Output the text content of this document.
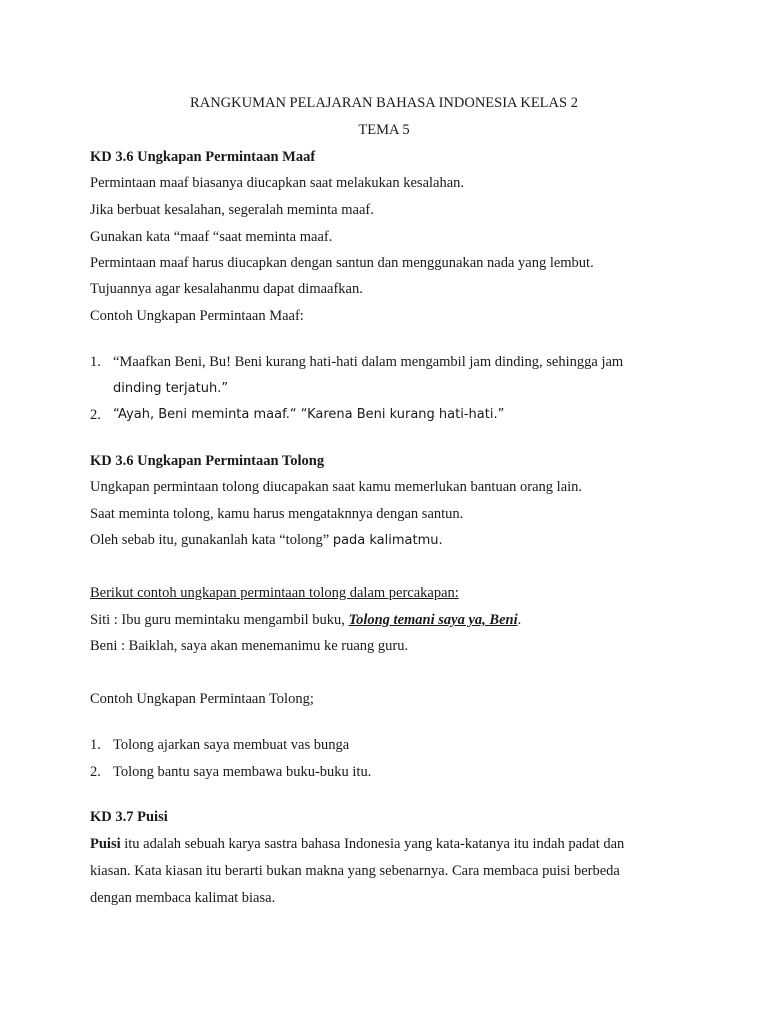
RANGKUMAN PELAJARAN BAHASA INDONESIA KELAS 2
TEMA 5
KD 3.6 Ungkapan Permintaan Maaf
Permintaan maaf biasanya diucapkan saat melakukan kesalahan.
Jika berbuat kesalahan, segeralah meminta maaf.
Gunakan kata “maaf “saat meminta maaf.
Permintaan maaf harus diucapkan dengan santun dan menggunakan nada yang lembut.
Tujuannya agar kesalahanmu dapat dimaafkan.
Contoh Ungkapan Permintaan Maaf:
1. “Maafkan Beni, Bu! Beni kurang hati-hati dalam mengambil jam dinding, sehingga jam
dinding terjatuh.”
2. “Ayah, Beni meminta maaf.“ “Karena Beni kurang hati-hati.”
KD 3.6 Ungkapan Permintaan Tolong
Ungkapan permintaan tolong diucapakan saat kamu memerlukan bantuan orang lain.
Saat meminta tolong, kamu harus mengataknnya dengan santun.
Oleh sebab itu, gunakanlah kata “tolong” pada kalimatmu.
Berikut contoh ungkapan permintaan tolong dalam percakapan:
Siti : Ibu guru memintaku mengambil buku, Tolong temani saya ya, Beni.
Beni : Baiklah, saya akan menemanimu ke ruang guru.
Contoh Ungkapan Permintaan Tolong;
1. Tolong ajarkan saya membuat vas bunga
2. Tolong bantu saya membawa buku-buku itu.
KD 3.7 Puisi
Puisi itu adalah sebuah karya sastra bahasa Indonesia yang kata-katanya itu indah padat dan
kiasan. Kata kiasan itu berarti bukan makna yang sebenarnya. Cara membaca puisi berbeda
dengan membaca kalimat biasa.
